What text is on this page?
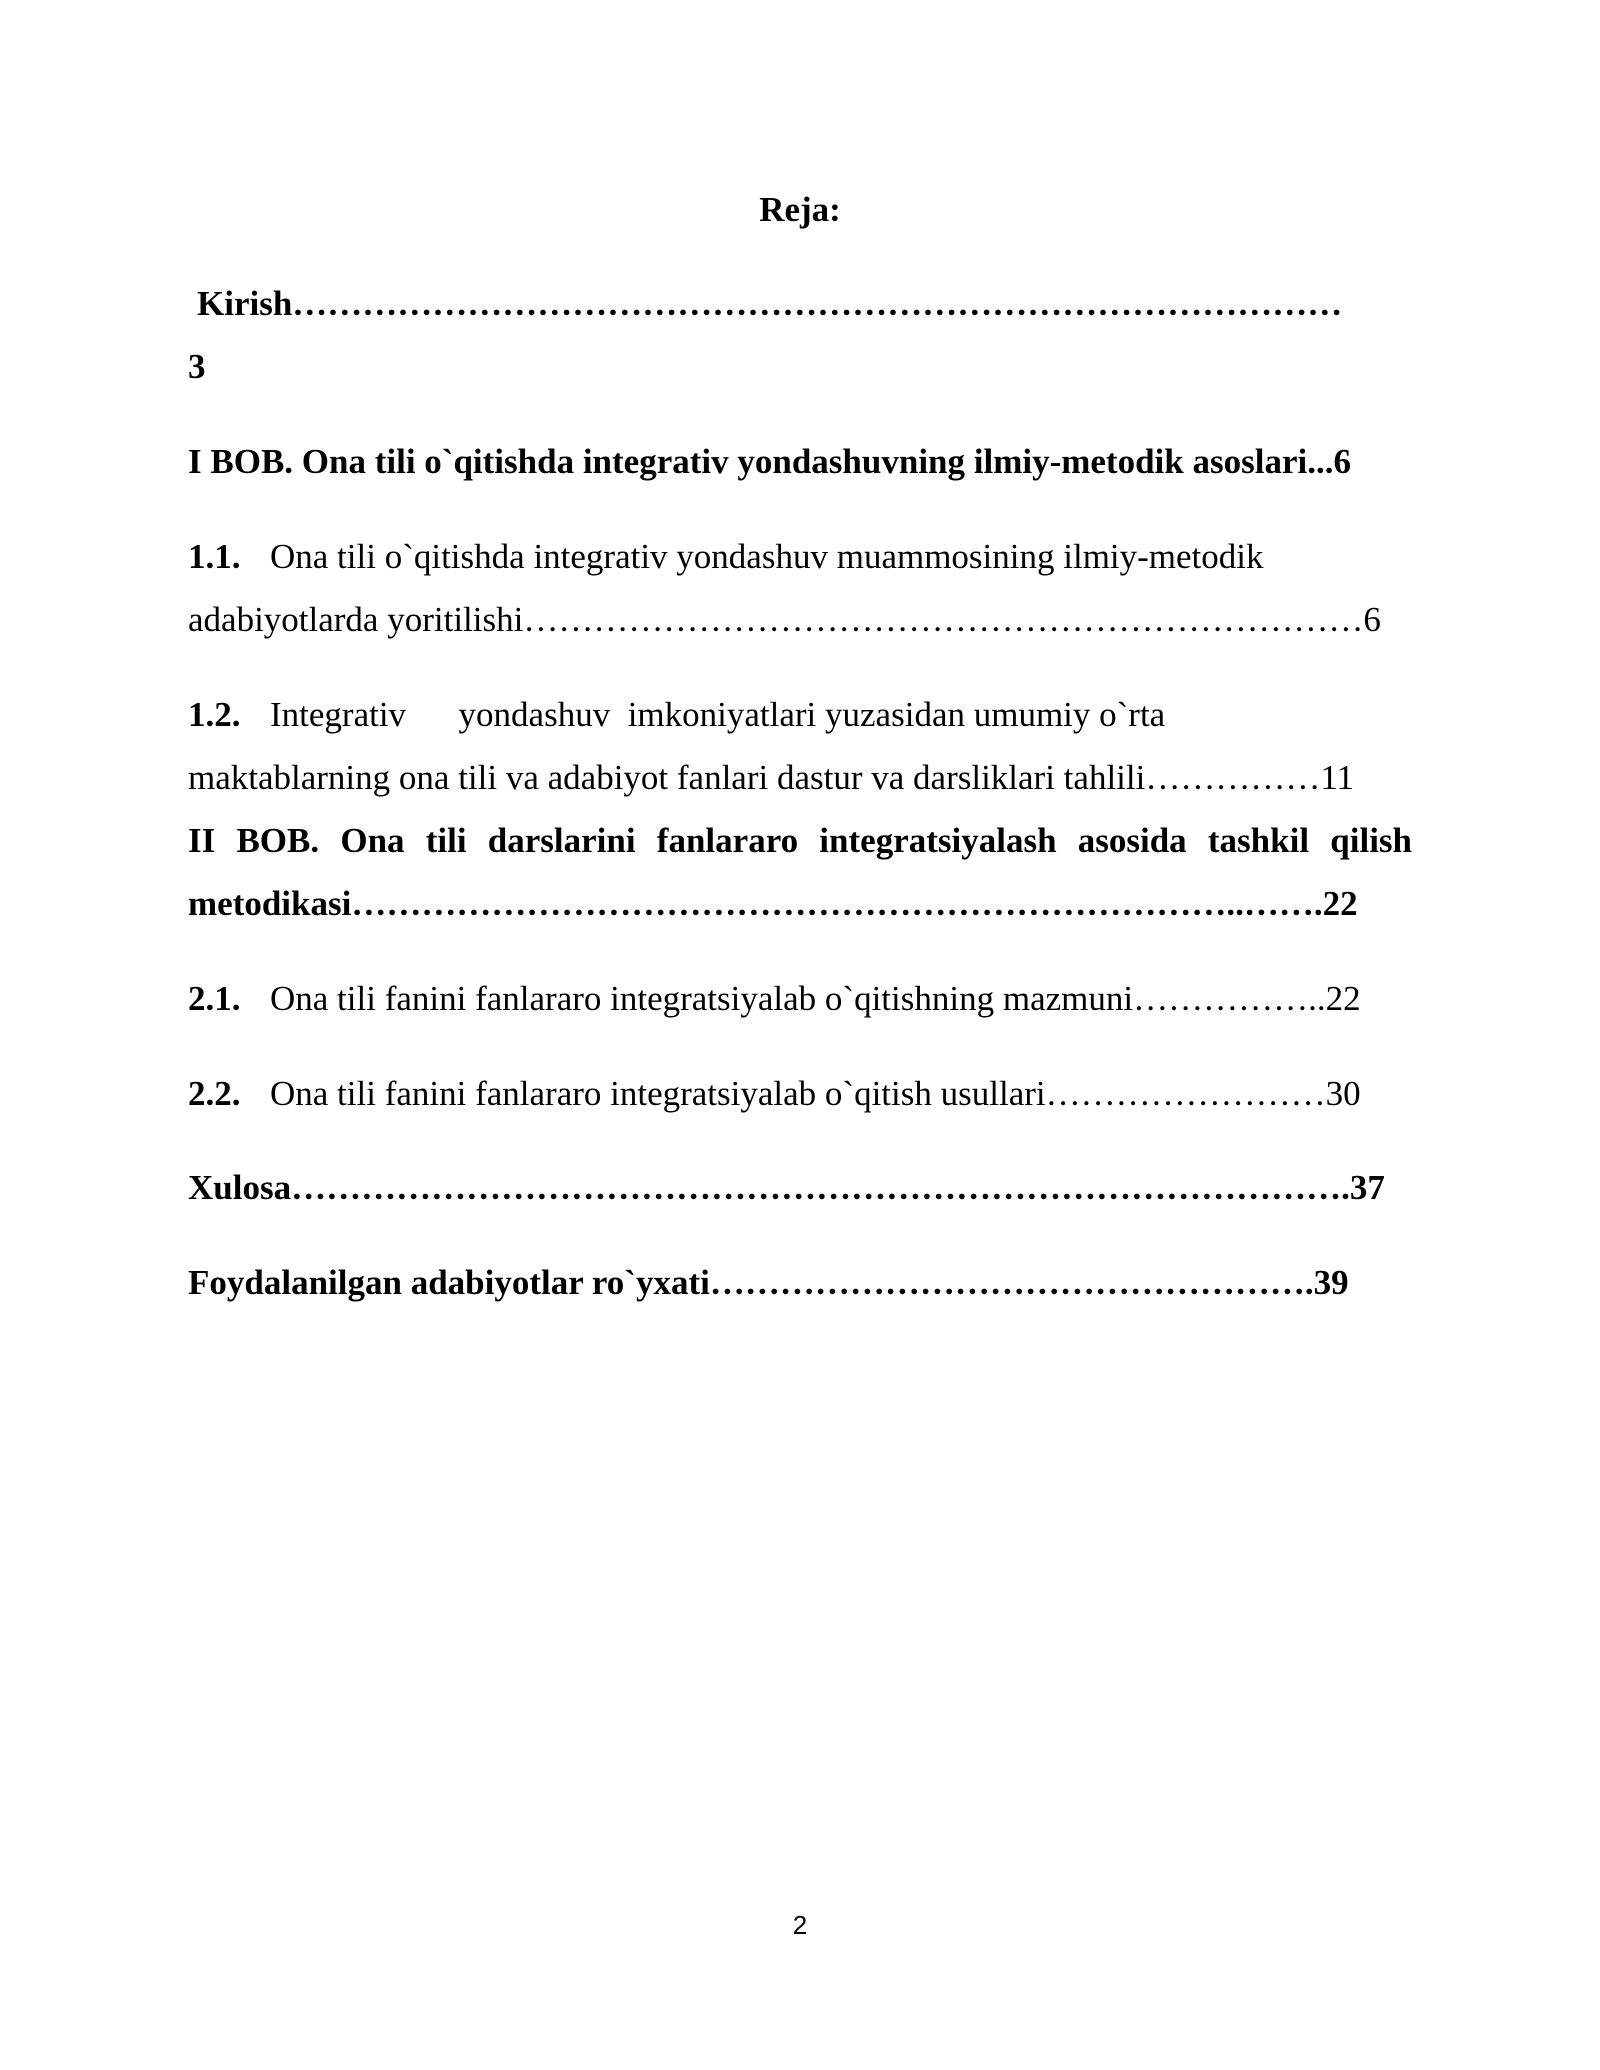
Reja:

Kirish………………………………………………………………………………

3

I BOB. Ona tili o`qitishda integrativ yondashuvning ilmiy-metodik asoslari...6

1.1. Ona tili o`qitishda integrativ yondashuv muammosining ilmiy-metodik

adabiyotlarda yoritilishi………………………………………………………………6

1.2. Integrativ      yondashuv  imkoniyatlari yuzasidan umumiy o`rta

maktablarning ona tili va adabiyot fanlari dastur va darsliklari tahlili……………11

II BOB. Ona tili darslarini fanlararo integratsiyalash asosida tashkil qilish

metodikasi…………………………………………………………………..…….22

2.1. Ona tili fanini fanlararo integratsiyalab o`qitishning mazmuni……………..22

2.2. Ona tili fanini fanlararo integratsiyalab o`qitish usullari……………………30

Xulosa……………………………………………………………………………….37

Foydalanilgan adabiyotlar ro`yxati…………………………………………….39

2
